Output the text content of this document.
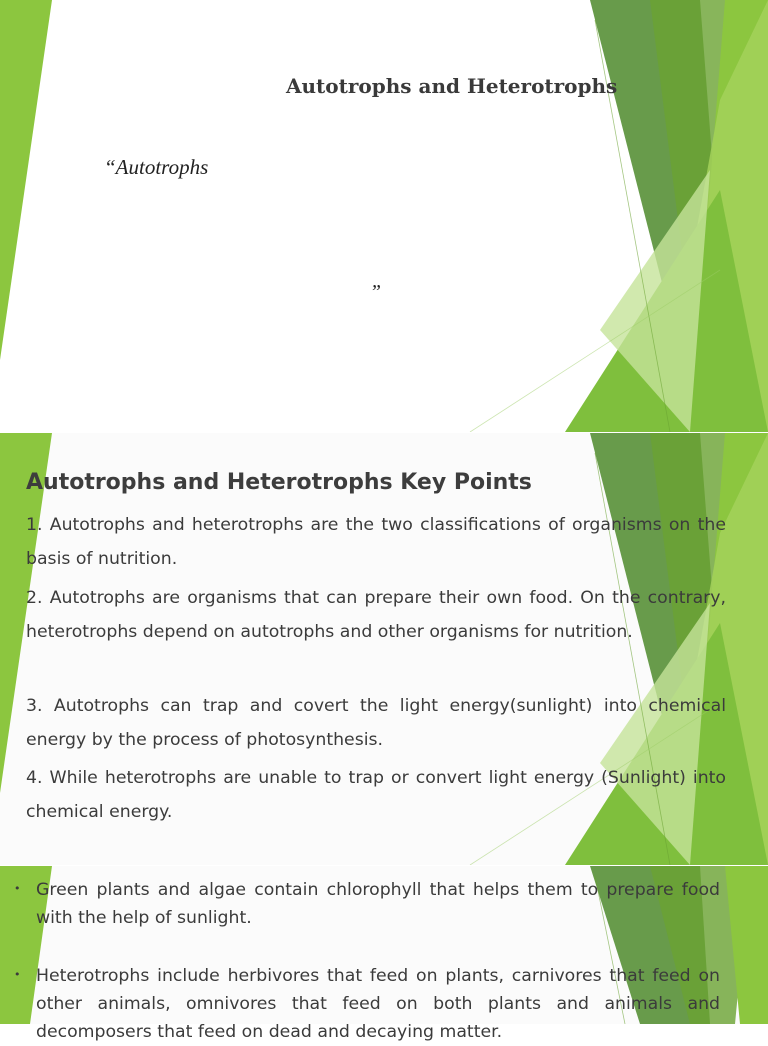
Autotrophs and Heterotrophs
“Autotrophs
„
Autotrophs and Heterotrophs Key Points
1. Autotrophs and heterotrophs are the two classifications of organisms on the basis of nutrition.
2. Autotrophs are organisms that can prepare their own food. On the contrary, heterotrophs depend on autotrophs and other organisms for nutrition.
3. Autotrophs can trap and covert the light energy(sunlight) into chemical energy by the process of photosynthesis.
4. While heterotrophs are unable to trap or convert light energy (Sunlight) into chemical energy.
• Green plants and algae contain chlorophyll that helps them to prepare food with the help of sunlight.
• Heterotrophs include herbivores that feed on plants, carnivores that feed on other animals, omnivores that feed on both plants and animals and decomposers that feed on dead and decaying matter.
